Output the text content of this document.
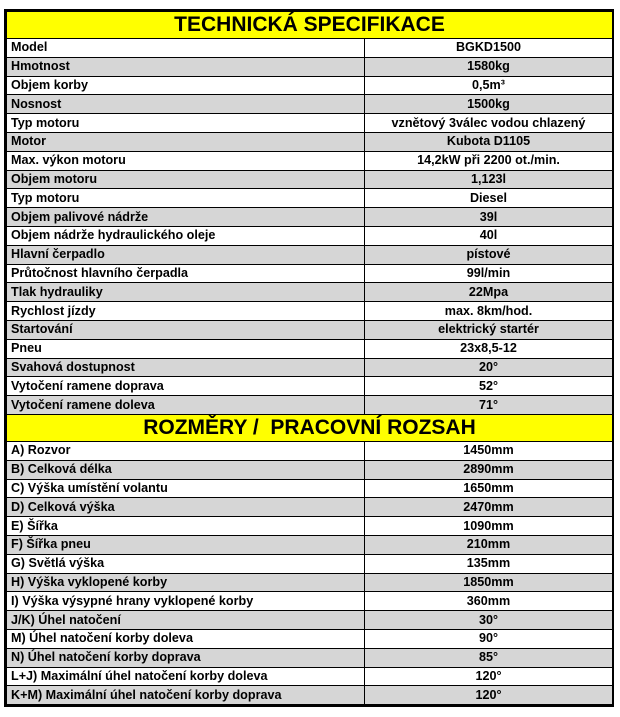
TECHNICKÁ SPECIFIKACE	
Model	BGKD1500
Hmotnost	1580kg
Objem korby	0,5m³
Nosnost	1500kg
Typ motoru	vznětový 3válec vodou chlazený
Motor	Kubota D1105
Max. výkon motoru	14,2kW při 2200 ot./min.
Objem motoru	1,123l
Typ motoru	Diesel
Objem palivové nádrže	39l
Objem nádrže hydraulického oleje	40l
Hlavní čerpadlo	pístové
Průtočnost hlavního čerpadla	99l/min
Tlak hydrauliky	22Mpa
Rychlost jízdy	max. 8km/hod.
Startování	elektrický startér
Pneu	23x8,5-12
Svahová dostupnost	20°
Vytočení ramene doprava	52°
Vytočení ramene doleva	71°
ROZMĚRY /  PRACOVNÍ ROZSAH	
A) Rozvor	1450mm
B) Celková délka	2890mm
C) Výška umístění volantu	1650mm
D) Celková výška	2470mm
E) Šířka	1090mm
F) Šířka pneu	210mm
G) Světlá výška	135mm
H) Výška vyklopené korby	1850mm
I) Výška výsypné hrany vyklopené korby	360mm
J/K) Úhel natočení	30°
M) Úhel natočení korby doleva	90°
N) Úhel natočení korby doprava	85°
L+J) Maximální úhel natočení korby doleva	120°
K+M) Maximální úhel natočení korby doprava	120°
